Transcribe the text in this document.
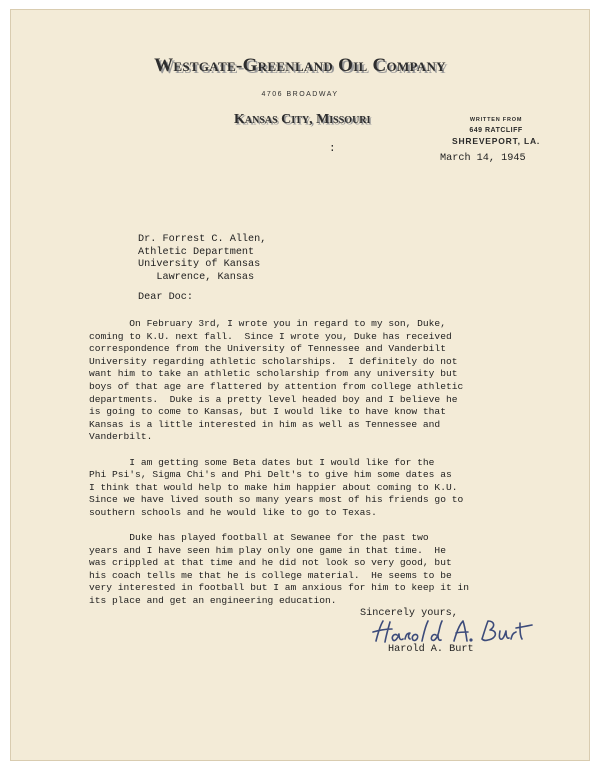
Westgate-Greenland Oil Company
4706 BROADWAY
Kansas City, Missouri	WRITTEN FROM
649 RATCLIFF
SHREVEPORT, LA.
:
March 14, 1945
Dr. Forrest C. Allen,
Athletic Department
University of Kansas
Lawrence, Kansas
Dear Doc:
On February 3rd, I wrote you in regard to my son, Duke,
coming to K.U. next fall.  Since I wrote you, Duke has received
correspondence from the University of Tennessee and Vanderbilt
University regarding athletic scholarships.  I definitely do not
want him to take an athletic scholarship from any university but
boys of that age are flattered by attention from college athletic
departments.  Duke is a pretty level headed boy and I believe he
is going to come to Kansas, but I would like to have know that
Kansas is a little interested in him as well as Tennessee and
Vanderbilt.
I am getting some Beta dates but I would like for the
Phi Psi's, Sigma Chi's and Phi Delt's to give him some dates as
I think that would help to make him happier about coming to K.U.
Since we have lived south so many years most of his friends go to
southern schools and he would like to go to Texas.
Duke has played football at Sewanee for the past two
years and I have seen him play only one game in that time.  He
was crippled at that time and he did not look so very good, but
his coach tells me that he is college material.  He seems to be
very interested in football but I am anxious for him to keep it in
its place and get an engineering education.
Sincerely yours,
Harold A. Burt
